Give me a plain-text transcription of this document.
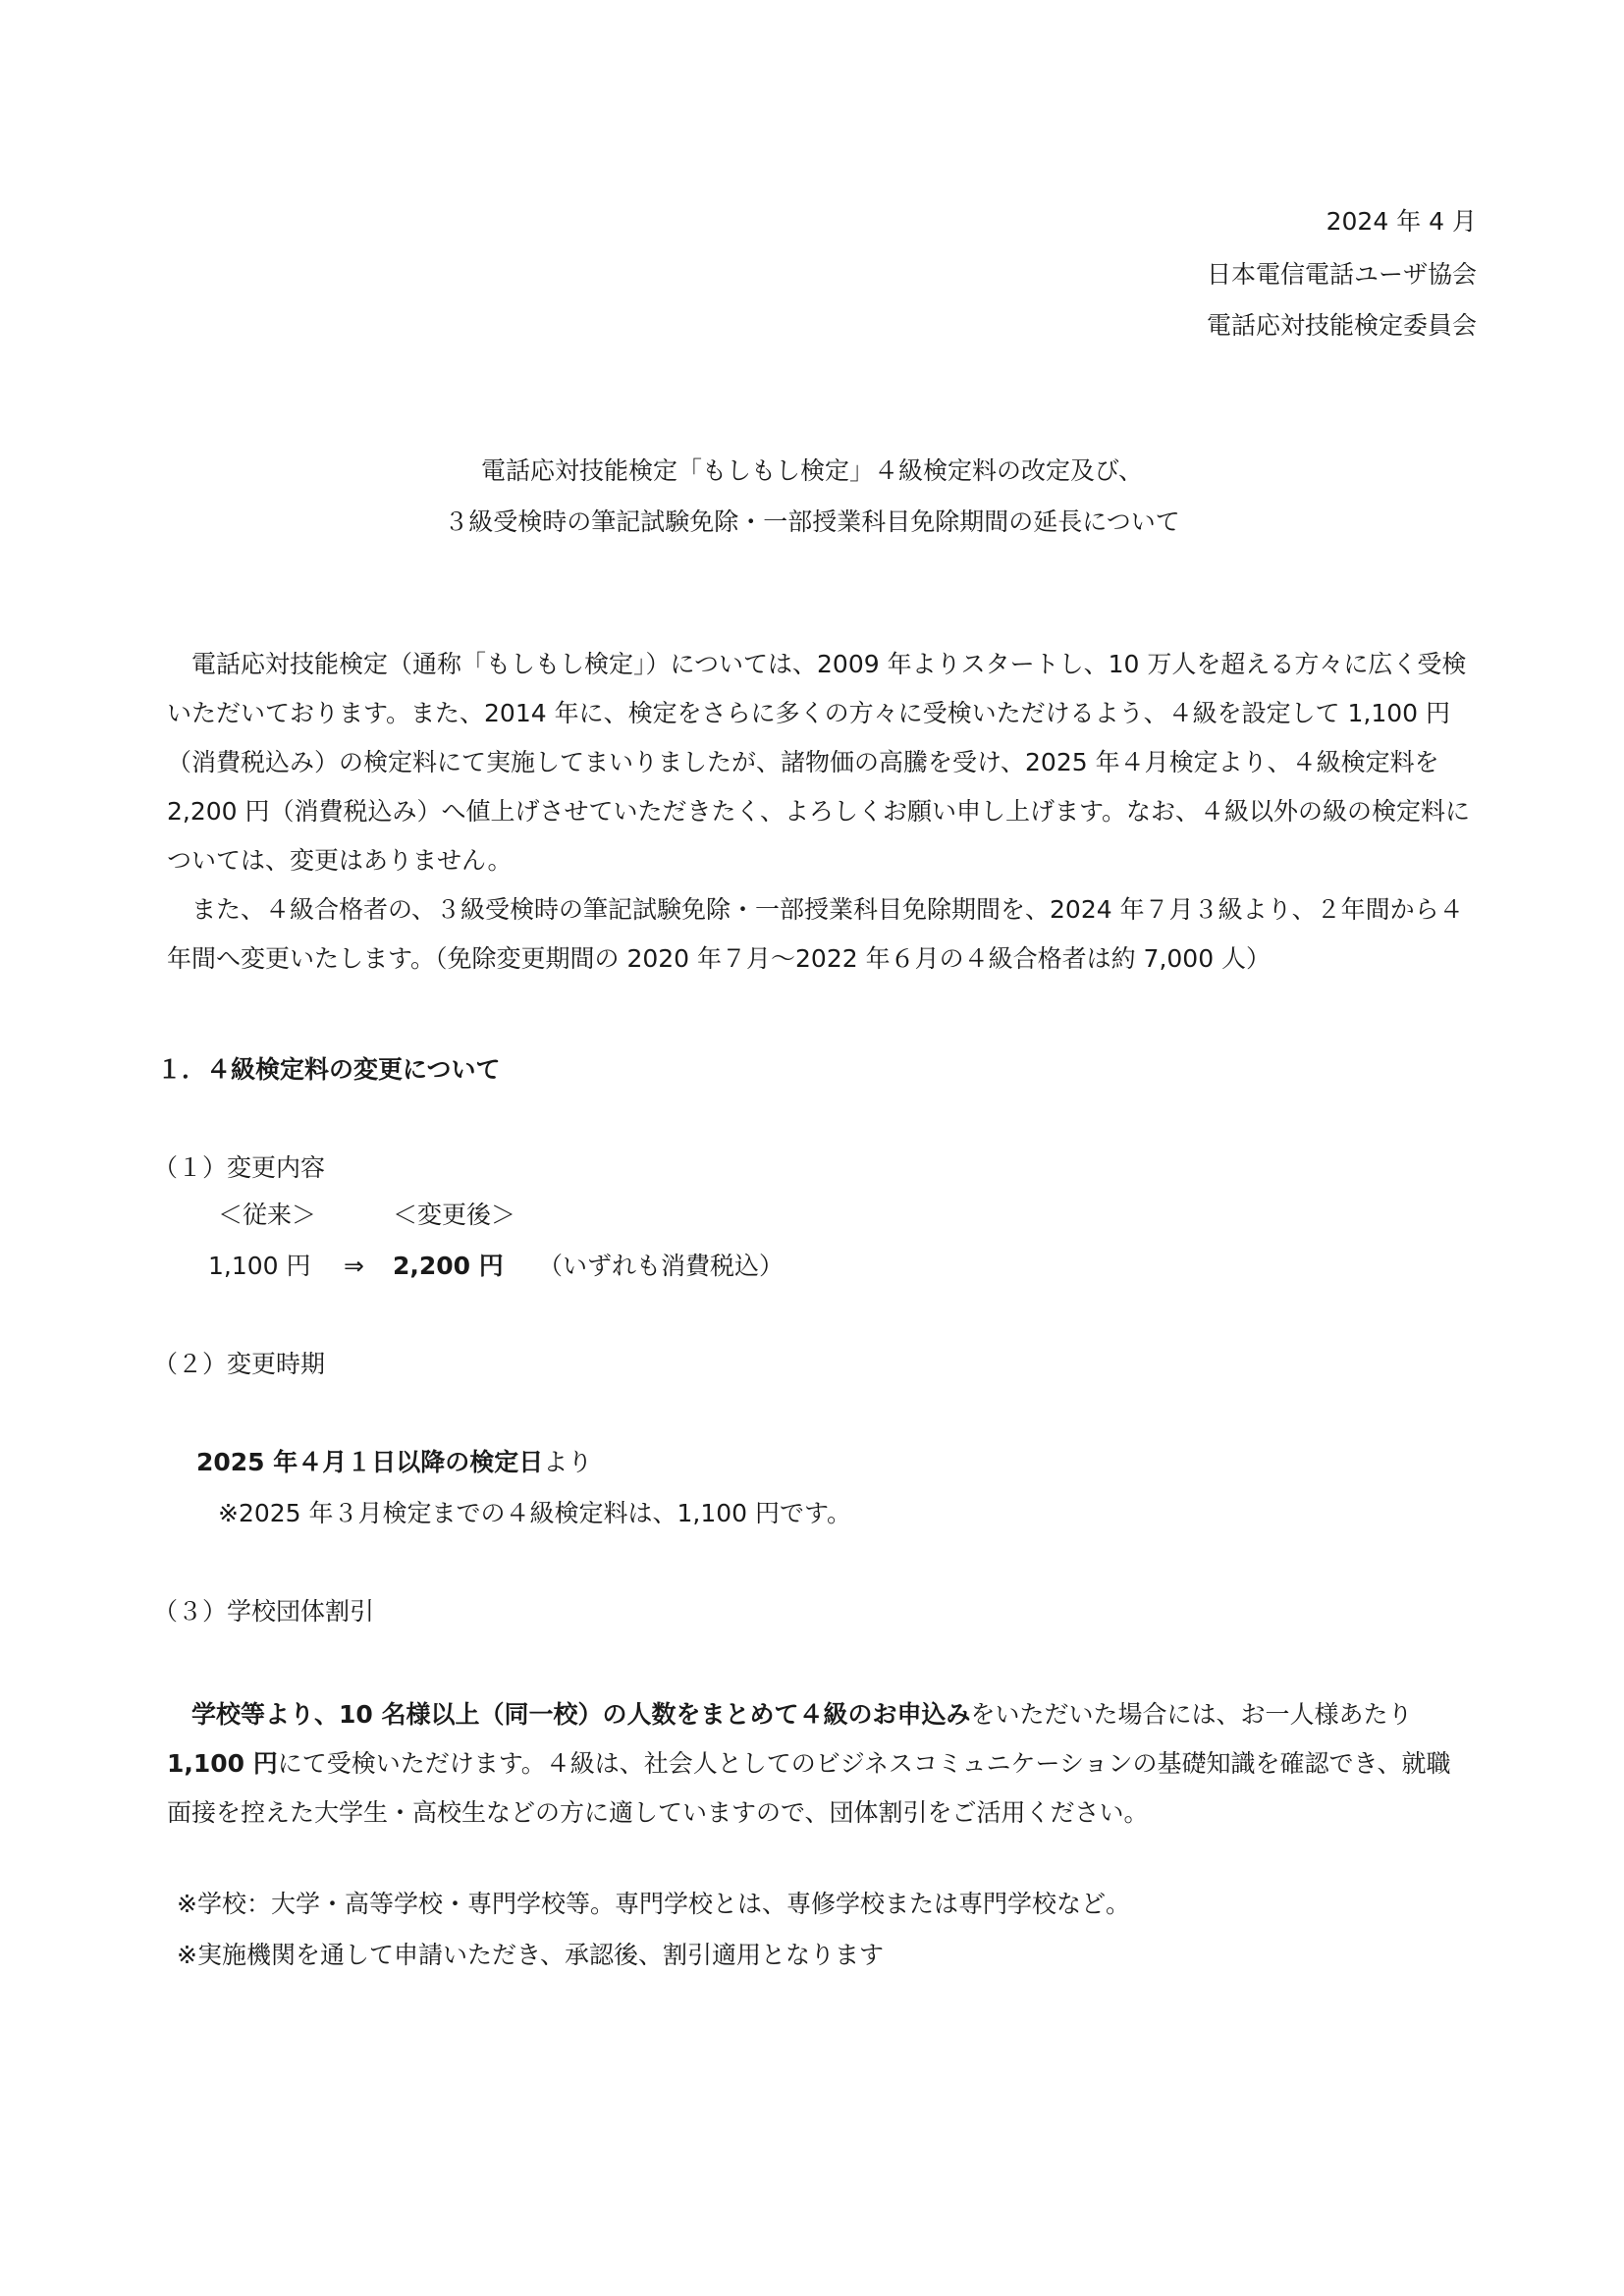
2024 年 4 月
日本電信電話ユーザ協会
電話応対技能検定委員会
電話応対技能検定「もしもし検定」４級検定料の改定及び、
３級受検時の筆記試験免除・一部授業科目免除期間の延長について
電話応対技能検定（通称「もしもし検定」）については、2009 年よりスタートし、10 万人を超える方々に広く受検いただいております。また、2014 年に、検定をさらに多くの方々に受検いただけるよう、４級を設定して 1,100 円（消費税込み）の検定料にて実施してまいりましたが、諸物価の高騰を受け、2025 年４月検定より、４級検定料を 2,200 円（消費税込み）へ値上げさせていただきたく、よろしくお願い申し上げます。なお、４級以外の級の検定料については、変更はありません。
また、４級合格者の、３級受検時の筆記試験免除・一部授業科目免除期間を、2024 年７月３級より、２年間から４年間へ変更いたします。（免除変更期間の 2020 年７月～2022 年６月の４級合格者は約 7,000 人）
１．４級検定料の変更について
（１）変更内容
＜従来＞	＜変更後＞
1,100 円 ⇒ 2,200 円 （いずれも消費税込）
（２）変更時期
2025 年４月１日以降の検定日より
※2025 年３月検定までの４級検定料は、1,100 円です。
（３）学校団体割引
学校等より、10 名様以上（同一校）の人数をまとめて４級のお申込みをいただいた場合には、お一人様あたり1,100 円にて受検いただけます。４級は、社会人としてのビジネスコミュニケーションの基礎知識を確認でき、就職面接を控えた大学生・高校生などの方に適していますので、団体割引をご活用ください。
※学校：大学・高等学校・専門学校等。専門学校とは、専修学校または専門学校など。
※実施機関を通して申請いただき、承認後、割引適用となります
